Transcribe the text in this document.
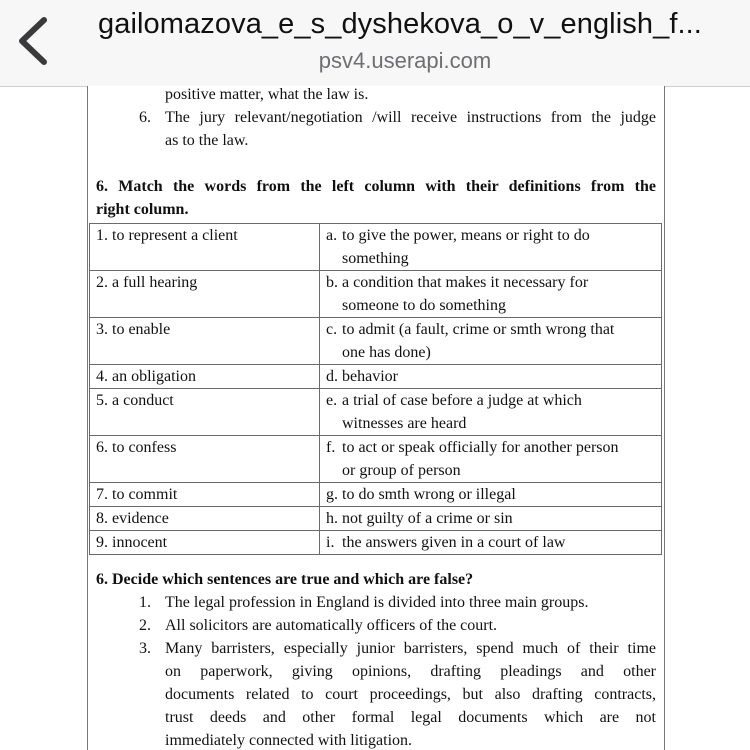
gailomazova_e_s_dyshekova_o_v_english_f...
psv4.userapi.com
positive matter, what the law is.
6. The jury relevant/negotiation /will receive instructions from the judge
as to the law.
6. Match the words from the left column with their definitions from the
right column.
1. to represent a client	a. to give the power, means or right to do
something

2. a full hearing	b. a condition that makes it necessary for
someone to do something

3. to enable	c. to admit (a fault, crime or smth wrong that
one has done)

4. an obligation	d. behavior

5. a conduct	e. a trial of case before a judge at which
witnesses are heard

6. to confess	f. to act or speak officially for another person
or group of person

7. to commit	g. to do smth wrong or illegal

8. evidence	h. not guilty of a crime or sin

9. innocent	i. the answers given in a court of law
6. Decide which sentences are true and which are false?
1. The legal profession in England is divided into three main groups.
2. All solicitors are automatically officers of the court.
3. Many barristers, especially junior barristers, spend much of their time
on paperwork, giving opinions, drafting pleadings and other
documents related to court proceedings, but also drafting contracts,
trust deeds and other formal legal documents which are not
immediately connected with litigation.
